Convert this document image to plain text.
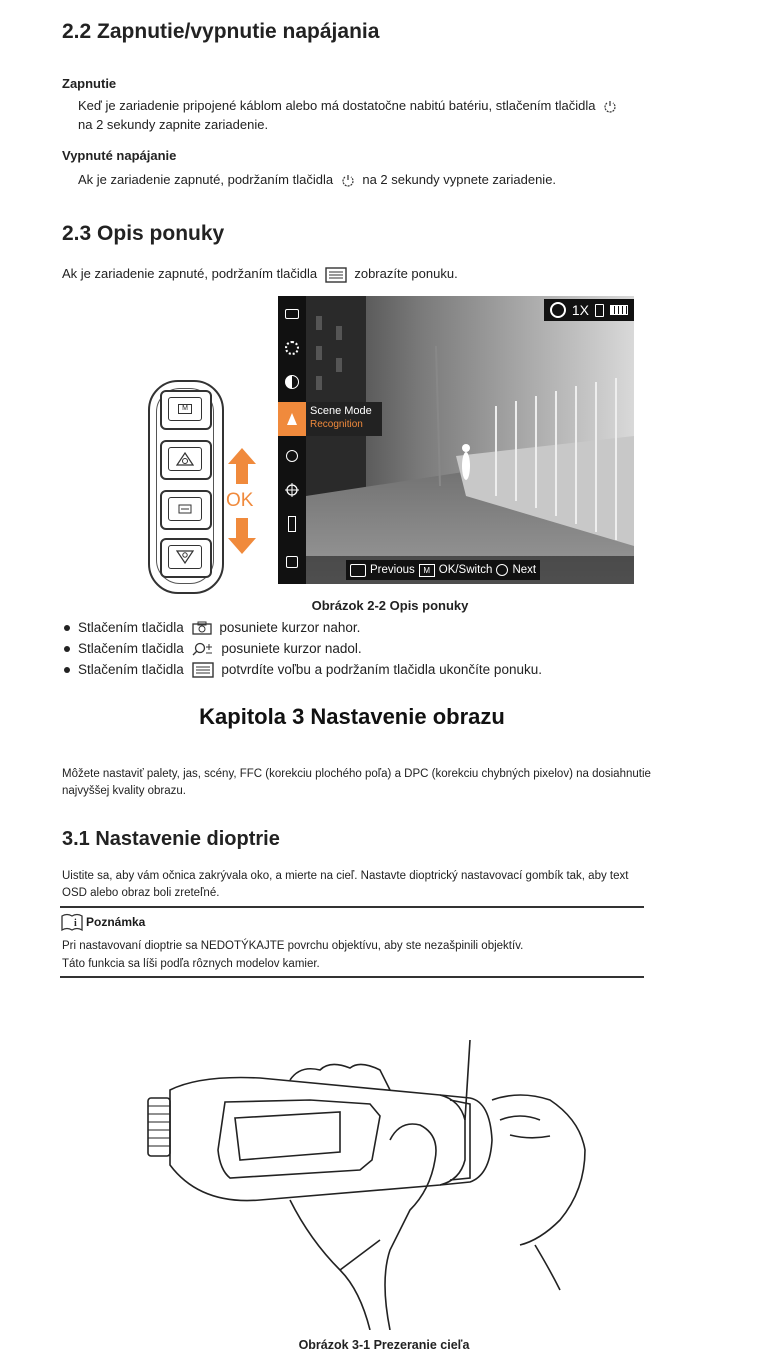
2.2 Zapnutie/vypnutie napájania
Zapnutie
Keď je zariadenie pripojené káblom alebo má dostatočne nabitú batériu, stlačením tlačidla
na 2 sekundy zapnite zariadenie.
Vypnuté napájanie
Ak je zariadenie zapnuté, podržaním tlačidla na 2 sekundy vypnete zariadenie.
2.3 Opis ponuky
Ak je zariadenie zapnuté, podržaním tlačidla	zobrazíte ponuku.
M
OK
1X
Scene Mode
Recognition
Previous	M OK/Switch Next
Obrázok 2-2 Opis ponuky
Stlačením tlačidla	posuniete kurzor nahor.
Stlačením tlačidla	posuniete kurzor nadol.
Stlačením tlačidla	potvrdíte voľbu a podržaním tlačidla ukončíte ponuku.
Kapitola 3 Nastavenie obrazu
Môžete nastaviť palety, jas, scény, FFC (korekciu plochého poľa) a DPC (korekciu chybných pixelov) na dosiahnutie najvyššej kvality obrazu.
3.1 Nastavenie dioptrie
Uistite sa, aby vám očnica zakrývala oko, a mierte na cieľ. Nastavte dioptrický nastavovací gombík tak, aby text OSD alebo obraz boli zreteľné.
i Poznámka
Pri nastavovaní dioptrie sa NEDOTÝKAJTE povrchu objektívu, aby ste nezašpinili objektív.
Táto funkcia sa líši podľa rôznych modelov kamier.
Obrázok 3-1 Prezeranie cieľa
